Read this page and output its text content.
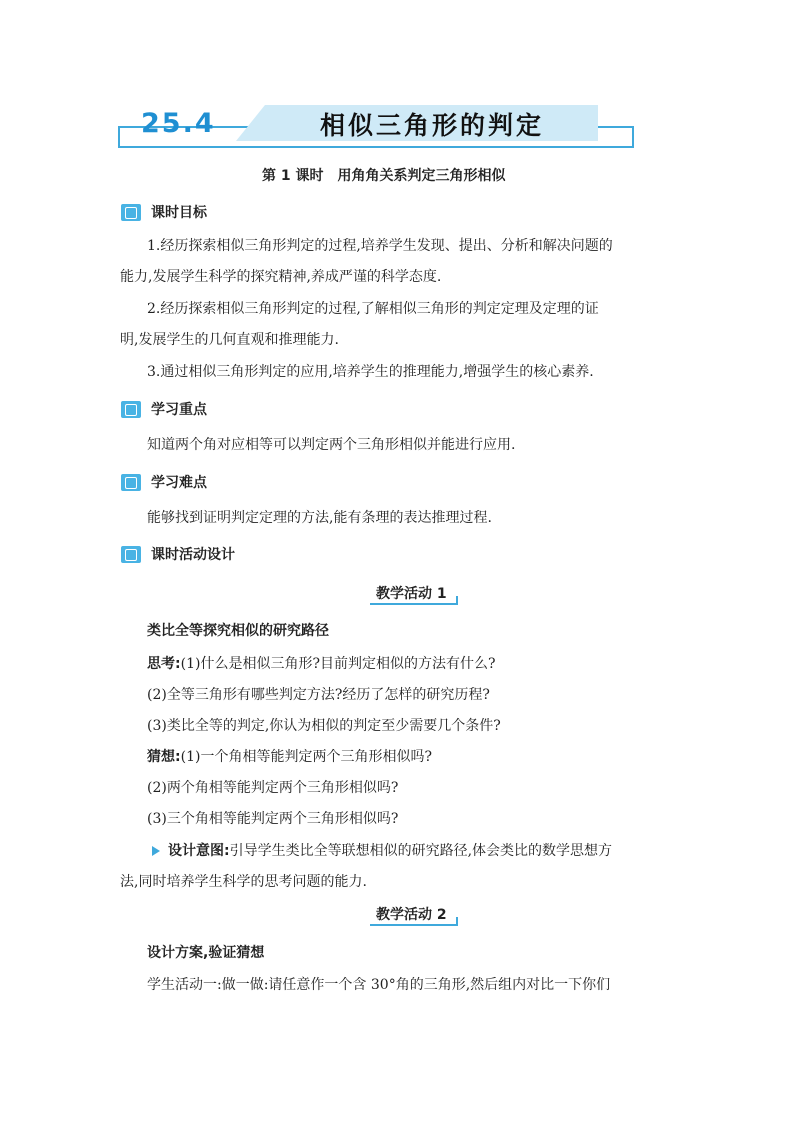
25.4	相似三角形的判定
第 1 课时　用角角关系判定三角形相似
课时目标
1.经历探索相似三角形判定的过程,培养学生发现、提出、分析和解决问题的
能力,发展学生科学的探究精神,养成严谨的科学态度.
2.经历探索相似三角形判定的过程,了解相似三角形的判定定理及定理的证
明,发展学生的几何直观和推理能力.
3.通过相似三角形判定的应用,培养学生的推理能力,增强学生的核心素养.
学习重点
知道两个角对应相等可以判定两个三角形相似并能进行应用.
学习难点
能够找到证明判定定理的方法,能有条理的表达推理过程.
课时活动设计
教学活动 1
类比全等探究相似的研究路径
思考:(1)什么是相似三角形?目前判定相似的方法有什么?
(2)全等三角形有哪些判定方法?经历了怎样的研究历程?
(3)类比全等的判定,你认为相似的判定至少需要几个条件?
猜想:(1)一个角相等能判定两个三角形相似吗?
(2)两个角相等能判定两个三角形相似吗?
(3)三个角相等能判定两个三角形相似吗?
设计意图:引导学生类比全等联想相似的研究路径,体会类比的数学思想方
法,同时培养学生科学的思考问题的能力.
教学活动 2
设计方案,验证猜想
学生活动一:做一做:请任意作一个含 30°角的三角形,然后组内对比一下你们
